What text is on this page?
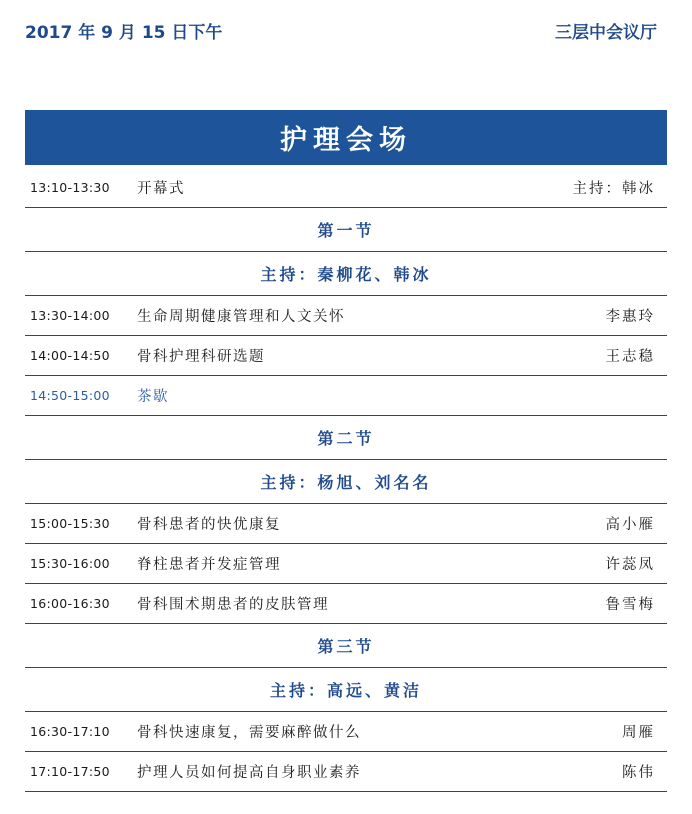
2017 年 9 月 15 日下午	三层中会议厅
护理会场
13:10-13:30 开幕式	主持：韩冰
第一节
主持：秦柳花、韩冰
13:30-14:00 生命周期健康管理和人文关怀	李惠玲
14:00-14:50 骨科护理科研选题	王志稳
14:50-15:00 茶歇
第二节
主持：杨旭、刘名名
15:00-15:30 骨科患者的快优康复	高小雁
15:30-16:00 脊柱患者并发症管理	许蕊凤
16:00-16:30 骨科围术期患者的皮肤管理	鲁雪梅
第三节
主持：高远、黄洁
16:30-17:10 骨科快速康复，需要麻醉做什么	周雁
17:10-17:50 护理人员如何提高自身职业素养	陈伟
